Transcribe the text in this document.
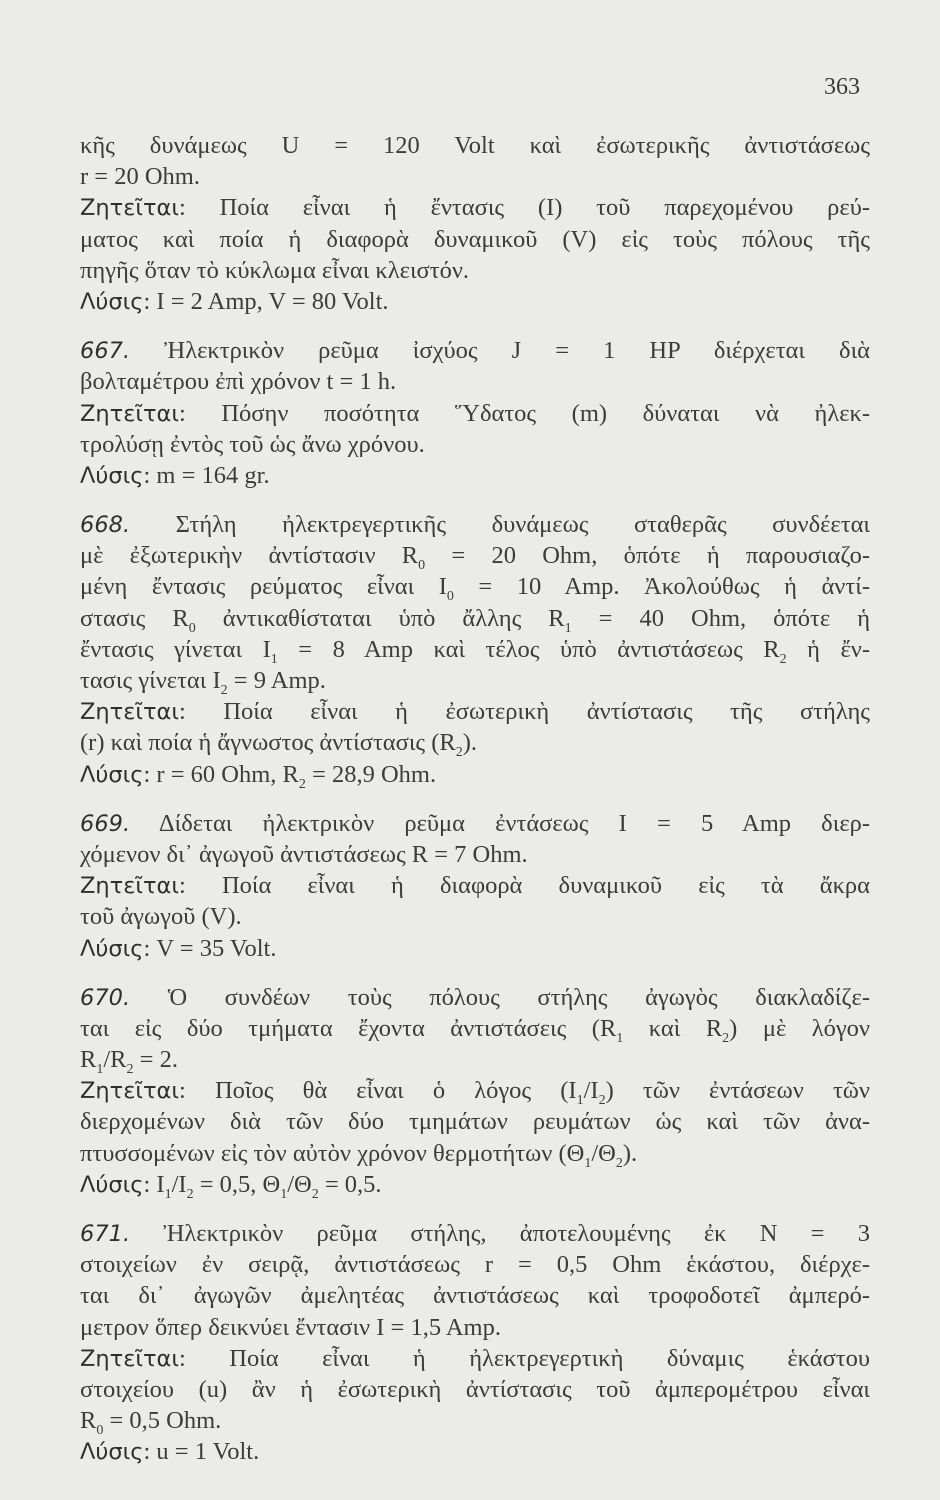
363
κῆς δυνάμεως U = 120 Volt καὶ ἐσωτερικῆς ἀντιστάσεως
r = 20 Ohm.
Ζητεῖται: Ποία εἶναι ἡ ἔντασις (I) τοῦ παρεχομένου ρεύ-
ματος καὶ ποία ἡ διαφορὰ δυναμικοῦ (V) εἰς τοὺς πόλους τῆς
πηγῆς ὅταν τὸ κύκλωμα εἶναι κλειστόν.
Λύσις: I = 2 Amp, V = 80 Volt.
667. Ἠλεκτρικὸν ρεῦμα ἰσχύος J = 1 HP διέρχεται διὰ
βολταμέτρου ἐπὶ χρόνον t = 1 h.
Ζητεῖται: Πόσην ποσότητα Ὕδατος (m) δύναται νὰ ἠλεκ-
τρολύσῃ ἐντὸς τοῦ ὡς ἄνω χρόνου.
Λύσις: m = 164 gr.
668. Στήλη ἠλεκτρεγερτικῆς δυνάμεως σταθερᾶς συνδέεται
μὲ ἐξωτερικὴν ἀντίστασιν $R_0 = 20$ Ohm, ὁπότε ἡ παρουσιαζο-
μένη ἔντασις ρεύματος εἶναι $I_0 = 10$ Amp. Ἀκολούθως ἡ ἀντί-
στασις $R_0$ ἀντικαθίσταται ὑπὸ ἄλλης $R_1 = 40$ Ohm, ὁπότε ἡ
ἔντασις γίνεται $I_1 = 8$ Amp καὶ τέλος ὑπὸ ἀντιστάσεως $R_2$ ἡ ἔν-
τασις γίνεται $I_2 = 9$ Amp.
Ζητεῖται: Ποία εἶναι ἡ ἐσωτερικὴ ἀντίστασις τῆς στήλης
(r) καὶ ποία ἡ ἄγνωστος ἀντίστασις $(R_2)$.
Λύσις: r = 60 Ohm, $R_2 = 28,9$ Ohm.
669. Δίδεται ἠλεκτρικὸν ρεῦμα ἐντάσεως I = 5 Amp διερ-
χόμενον δι᾿ ἀγωγοῦ ἀντιστάσεως R = 7 Ohm.
Ζητεῖται: Ποία εἶναι ἡ διαφορὰ δυναμικοῦ εἰς τὰ ἄκρα
τοῦ ἀγωγοῦ (V).
Λύσις: V = 35 Volt.
670. Ὁ συνδέων τοὺς πόλους στήλης ἀγωγὸς διακλαδίζε-
ται εἰς δύο τμήματα ἔχοντα ἀντιστάσεις ($R_1$ καὶ $R_2$) μὲ λόγον
$R_1/R_2 = 2$.
Ζητεῖται: Ποῖος θὰ εἶναι ὁ λόγος $(I_1/I_2)$ τῶν ἐντάσεων τῶν
διερχομένων διὰ τῶν δύο τμημάτων ρευμάτων ὡς καὶ τῶν ἀνα-
πτυσσομένων εἰς τὸν αὐτὸν χρόνον θερμοτήτων $(\Theta_1/\Theta_2)$.
Λύσις: $I_1/I_2 = 0,5$, $\Theta_1/\Theta_2 = 0,5$.
671. Ἠλεκτρικὸν ρεῦμα στήλης, ἀποτελουμένης ἐκ N = 3
στοιχείων ἐν σειρᾷ, ἀντιστάσεως r = 0,5 Ohm ἑκάστου, διέρχε-
ται δι᾿ ἀγωγῶν ἀμελητέας ἀντιστάσεως καὶ τροφοδοτεῖ ἀμπερό-
μετρον ὅπερ δεικνύει ἔντασιν I = 1,5 Amp.
Ζητεῖται: Ποία εἶναι ἡ ἠλεκτρεγερτικὴ δύναμις ἑκάστου
στοιχείου (u) ἂν ἡ ἐσωτερικὴ ἀντίστασις τοῦ ἀμπερομέτρου εἶναι
$R_0 = 0,5$ Ohm.
Λύσις: u = 1 Volt.
